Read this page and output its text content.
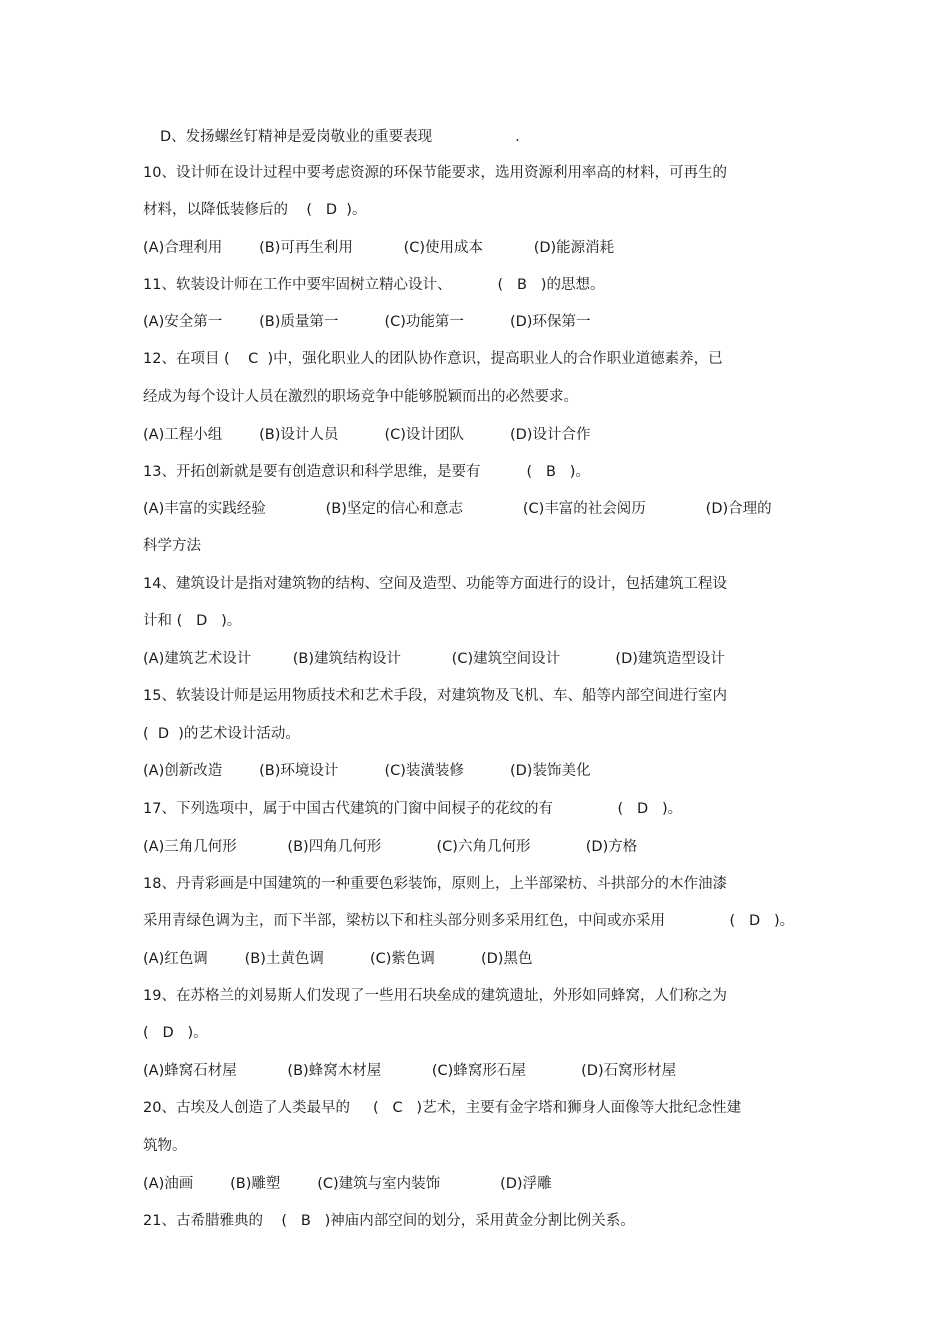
D、发扬螺丝钉精神是爱岗敬业的重要表现                  .
10、设计师在设计过程中要考虑资源的环保节能要求，选用资源利用率高的材料，可再生的
材料，以降低装修后的    (   D  )。
(A)合理利用        (B)可再生利用           (C)使用成本           (D)能源消耗
11、软装设计师在工作中要牢固树立精心设计、          (   B   )的思想。
(A)安全第一        (B)质量第一          (C)功能第一          (D)环保第一
12、在项目 (    C  )中，强化职业人的团队协作意识，提高职业人的合作职业道德素养，已
经成为每个设计人员在激烈的职场竞争中能够脱颖而出的必然要求。
(A)工程小组        (B)设计人员          (C)设计团队          (D)设计合作
13、开拓创新就是要有创造意识和科学思维，是要有          (   B   )。
(A)丰富的实践经验             (B)坚定的信心和意志             (C)丰富的社会阅历             (D)合理的
科学方法
14、建筑设计是指对建筑物的结构、空间及造型、功能等方面进行的设计，包括建筑工程设
计和 (   D   )。
(A)建筑艺术设计         (B)建筑结构设计           (C)建筑空间设计            (D)建筑造型设计
15、软装设计师是运用物质技术和艺术手段，对建筑物及飞机、车、船等内部空间进行室内
(  D  )的艺术设计活动。
(A)创新改造        (B)环境设计          (C)装潢装修          (D)装饰美化
17、下列选项中，属于中国古代建筑的门窗中间棂子的花纹的有              (   D   )。
(A)三角几何形           (B)四角几何形            (C)六角几何形            (D)方格
18、丹青彩画是中国建筑的一种重要色彩装饰，原则上，上半部梁枋、斗拱部分的木作油漆
采用青绿色调为主，而下半部，梁枋以下和柱头部分则多采用红色，中间或亦采用              (   D   )。
(A)红色调        (B)土黄色调          (C)紫色调          (D)黑色
19、在苏格兰的刘易斯人们发现了一些用石块垒成的建筑遗址，外形如同蜂窝，人们称之为
(   D   )。
(A)蜂窝石材屋           (B)蜂窝木材屋           (C)蜂窝形石屋            (D)石窝形材屋
20、古埃及人创造了人类最早的     (   C   )艺术，主要有金字塔和狮身人面像等大批纪念性建
筑物。
(A)油画        (B)雕塑        (C)建筑与室内装饰             (D)浮雕
21、古希腊雅典的    (   B   )神庙内部空间的划分，采用黄金分割比例关系。
